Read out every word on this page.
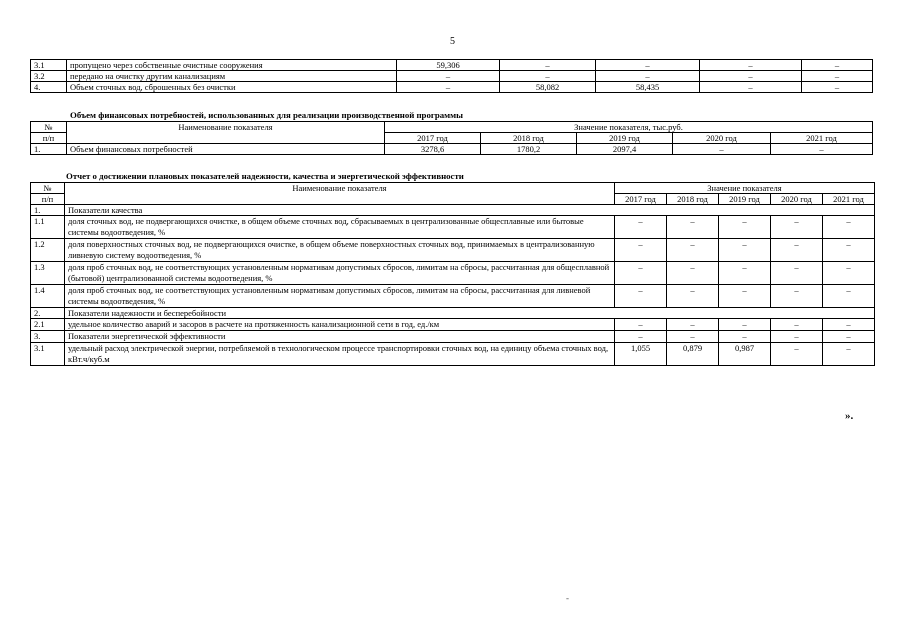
5
3.1	пропущено через собственные очистные сооружения	59,306	–	–	–	–
3.2	передано на очистку другим канализациям	–	–	–	–	–
4.	Объем сточных вод, сброшенных без очистки	–	58,082	58,435	–	–
Объем финансовых потребностей, использованных для реализации производственной программы
№	Наименование показателя	Значение показателя, тыс.руб.				
п/п		2017 год	2018 год	2019 год	2020 год	2021 год
1.	Объем финансовых потребностей	3278,6	1780,2	2097,4	–	–
Отчет о достижении плановых показателей надежности, качества и энергетической эффективности
№	Наименование показателя	Значение показателя				
п/п		2017 год	2018 год	2019 год	2020 год	2021 год
1.	Показатели качества					
1.1	доля сточных вод, не подвергающихся очистке, в общем объеме сточных вод, сбрасываемых в централизованные общесплавные или бытовые системы водоотведения, %	–	–	–	–	–
1.2	доля поверхностных сточных вод, не подвергающихся очистке, в общем объеме поверхностных сточных вод, принимаемых в централизованную ливневую систему водоотведения, %	–	–	–	–	–
1.3	доля проб сточных вод, не соответствующих установленным нормативам допустимых сбросов, лимитам на сбросы, рассчитанная для общесплавной (бытовой) централизованной системы водоотведения, %	–	–	–	–	–
1.4	доля проб сточных вод, не соответствующих установленным нормативам допустимых сбросов, лимитам на сбросы, рассчитанная для ливневой системы водоотведения, %	–	–	–	–	–
2.	Показатели надежности и бесперебойности					
2.1	удельное количество аварий и засоров в расчете на протяженность канализационной сети в год, ед./км	–	–	–	–	–
3.	Показатели энергетической эффективности	–	–	–	–	–
3.1	удельный расход электрической энергии, потребляемой в технологическом процессе транспортировки сточных вод, на единицу объема сточных вод, кВт.ч/куб.м	1,055	0,879	0,987	–	–
».
-
